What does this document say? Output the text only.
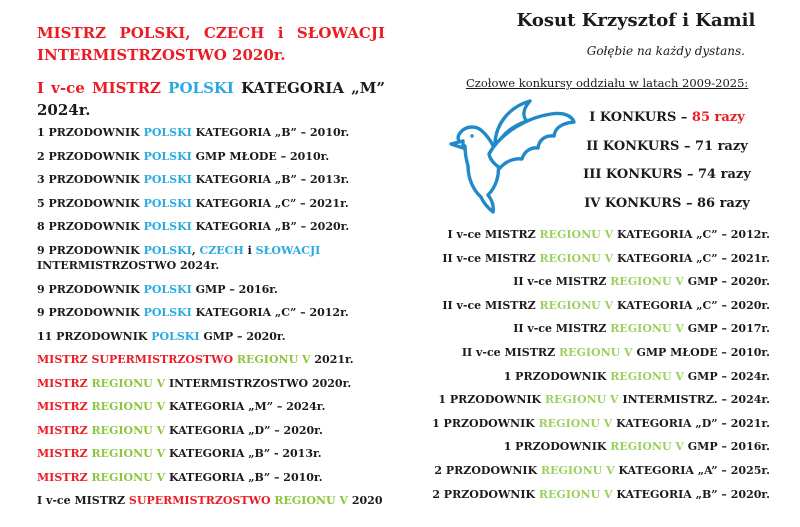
MISTRZ POLSKI, CZECH i SŁOWACJI INTERMISTRZOSTWO 2020r.

I v-ce MISTRZ POLSKI KATEGORIA „M” 2024r.

1 PRZODOWNIK POLSKI KATEGORIA „B” – 2010r.

2 PRZODOWNIK POLSKI GMP MŁODE – 2010r.

3 PRZODOWNIK POLSKI KATEGORIA „B” – 2013r.

5 PRZODOWNIK POLSKI KATEGORIA „C” – 2021r.

8 PRZODOWNIK POLSKI KATEGORIA „B” – 2020r.

9 PRZODOWNIK POLSKI, CZECH i SŁOWACJI INTERMISTRZOSTWO 2024r.

9 PRZODOWNIK POLSKI GMP – 2016r.

9 PRZODOWNIK POLSKI KATEGORIA „C” – 2012r.

11 PRZODOWNIK POLSKI GMP – 2020r.

MISTRZ SUPERMISTRZOSTWO REGIONU V 2021r.

MISTRZ REGIONU V INTERMISTRZOSTWO 2020r.

MISTRZ REGIONU V KATEGORIA „M” – 2024r.

MISTRZ REGIONU V KATEGORIA „D” – 2020r.

MISTRZ REGIONU V KATEGORIA „B” - 2013r.

MISTRZ REGIONU V KATEGORIA „B” – 2010r.

I v-ce MISTRZ SUPERMISTRZOSTWO REGIONU V 2020

Kosut Krzysztof i Kamil

Gołębie na każdy dystans.

Czołowe konkursy oddziału w latach 2009-2025:

I KONKURS – 85 razy

II KONKURS – 71 razy

III KONKURS – 74 razy

IV KONKURS – 86 razy

I v-ce MISTRZ REGIONU V KATEGORIA „C” – 2012r.

II v-ce MISTRZ REGIONU V KATEGORIA „C” – 2021r.

II v-ce MISTRZ REGIONU V GMP – 2020r.

II v-ce MISTRZ REGIONU V KATEGORIA „C” – 2020r.

II v-ce MISTRZ REGIONU V GMP – 2017r.

II v-ce MISTRZ REGIONU V GMP MŁODE – 2010r.

1 PRZODOWNIK REGIONU V GMP – 2024r.

1 PRZODOWNIK REGIONU V INTERMISTRZ. – 2024r.

1 PRZODOWNIK REGIONU V KATEGORIA „D” – 2021r.

1 PRZODOWNIK REGIONU V GMP – 2016r.

2 PRZODOWNIK REGIONU V KATEGORIA „A” – 2025r.

2 PRZODOWNIK REGIONU V KATEGORIA „B” – 2020r.
